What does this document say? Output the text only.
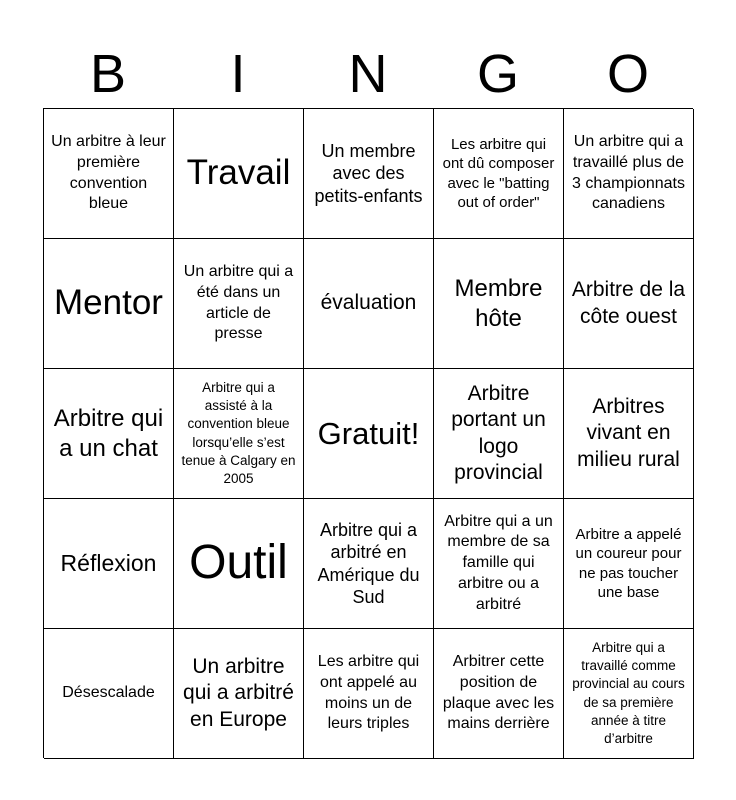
B	I	N	G	O
Un arbitre à leur première convention bleue
Travail
Un membre avec des petits-enfants
Les arbitre qui ont dû composer avec le "batting out of order"
Un arbitre qui a travaillé plus de 3 championnats canadiens
Mentor
Un arbitre qui a été dans un article de presse
évaluation
Membre hôte
Arbitre de la côte ouest
Arbitre qui a un chat
Arbitre qui a assisté à la convention bleue lorsqu’elle s’est tenue à Calgary en 2005
Gratuit!
Arbitre portant un logo provincial
Arbitres vivant en milieu rural
Réflexion Outil
Arbitre qui a arbitré en Amérique du Sud
Arbitre qui a un membre de sa famille qui arbitre ou a arbitré
Arbitre a appelé un coureur pour ne pas toucher une base
Désescalade
Un arbitre qui a arbitré en Europe
Les arbitre qui ont appelé au moins un de leurs triples
Arbitrer cette position de plaque avec les mains derrière
Arbitre qui a travaillé comme provincial au cours de sa première année à titre d’arbitre
